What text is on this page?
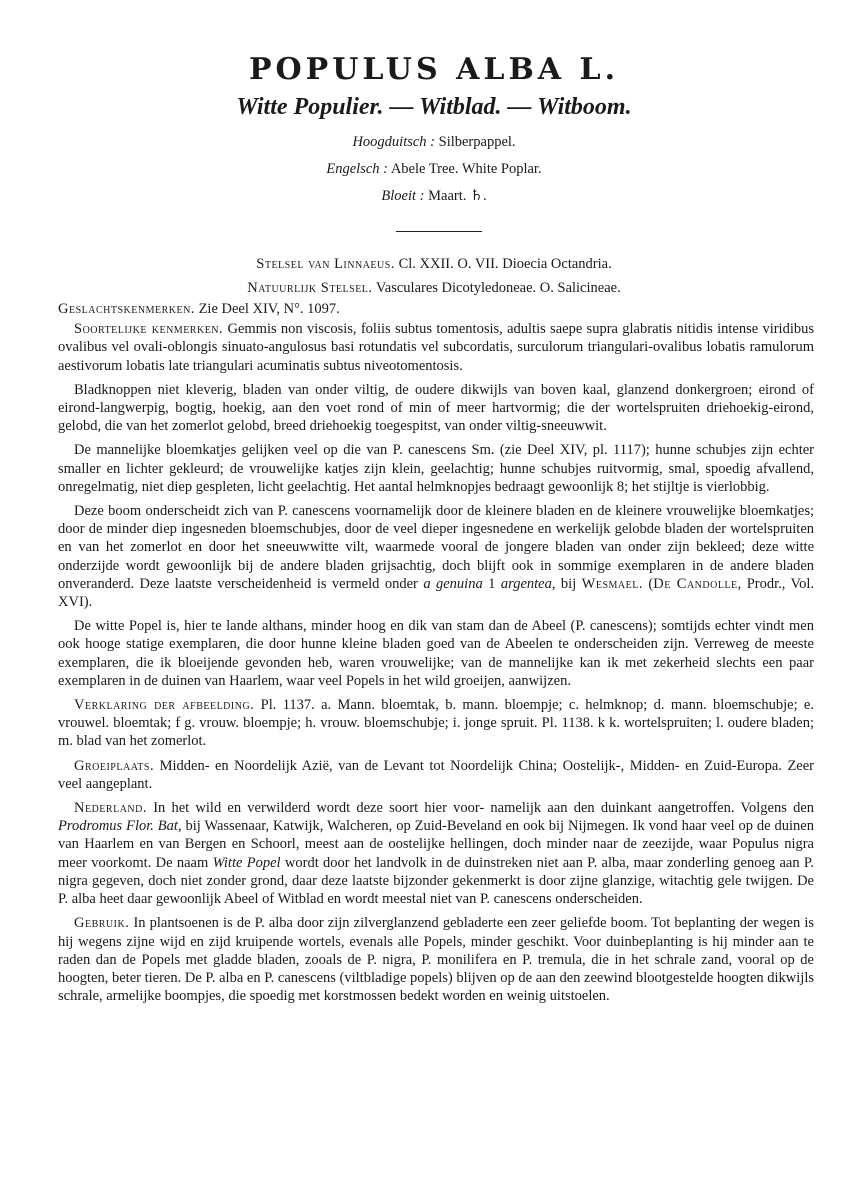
POPULUS ALBA L.
Witte Populier. — Witblad. — Witboom.
Hoogduitsch : Silberpappel.
Engelsch : Abele Tree. White Poplar.
Bloeit : Maart. ♄.
Stelsel van Linnaeus. Cl. XXII. O. VII. Dioecia Octandria.
Natuurlijk Stelsel. Vasculares Dicotyledoneae. O. Salicineae.

Geslachtskenmerken. Zie Deel XIV, N°. 1097.

Soortelijke kenmerken. Gemmis non viscosis, foliis subtus tomentosis, adultis saepe supra glabratis nitidis intense viridibus ovalibus vel ovali-oblongis sinuato-angulosus basi rotundatis vel subcordatis, surculorum triangulari-ovalibus lobatis ramulorum aestivorum lobatis late triangulari acuminatis subtus niveotomentosis.

Bladknoppen niet kleverig, bladen van onder viltig, de oudere dikwijls van boven kaal, glanzend donkergroen; eirond of eirond-langwerpig, bogtig, hoekig, aan den voet rond of min of meer hartvormig; die der wortelspruiten driehoekig-eirond, gelobd, die van het zomerlot gelobd, breed driehoekig toegespitst, van onder viltig-sneeuwwit.

De mannelijke bloemkatjes gelijken veel op die van P. canescens Sm. (zie Deel XIV, pl. 1117); hunne schubjes zijn echter smaller en lichter gekleurd; de vrouwelijke katjes zijn klein, geelachtig; hunne schubjes ruitvormig, smal, spoedig afvallend, onregelmatig, niet diep gespleten, licht geelachtig. Het aantal helmknopjes bedraagt gewoonlijk 8; het stijltje is vierlobbig.

Deze boom onderscheidt zich van P. canescens voornamelijk door de kleinere bladen en de kleinere vrouwelijke bloemkatjes; door de minder diep ingesneden bloemschubjes, door de veel dieper ingesnedene en werkelijk gelobde bladen der wortelspruiten en van het zomerlot en door het sneeuwwitte vilt, waarmede vooral de jongere bladen van onder zijn bekleed; deze witte onderzijde wordt gewoonlijk bij de andere bladen grijsachtig, doch blijft ook in sommige exemplaren in de andere bladen onveranderd. Deze laatste verscheidenheid is vermeld onder a genuina 1 argentea, bij Wesmael. (De Candolle, Prodr., Vol. XVI).

De witte Popel is, hier te lande althans, minder hoog en dik van stam dan de Abeel (P. canescens); somtijds echter vindt men ook hooge statige exemplaren, die door hunne kleine bladen goed van de Abeelen te onderscheiden zijn. Verreweg de meeste exemplaren, die ik bloeijende gevonden heb, waren vrouwelijke; van de mannelijke kan ik met zekerheid slechts een paar exemplaren in de duinen van Haarlem, waar veel Popels in het wild groeijen, aanwijzen.

Verklaring der afbeelding. Pl. 1137. a. Mann. bloemtak, b. mann. bloempje; c. helmknop; d. mann. bloemschubje; e. vrouwel. bloemtak; f g. vrouw. bloempje; h. vrouw. bloemschubje; i. jonge spruit. Pl. 1138. k k. wortelspruiten; l. oudere bladen; m. blad van het zomerlot.

Groeiplaats. Midden- en Noordelijk Azië, van de Levant tot Noordelijk China; Oostelijk-, Midden- en Zuid-Europa. Zeer veel aangeplant.

Nederland. In het wild en verwilderd wordt deze soort hier voor- namelijk aan den duinkant aangetroffen. Volgens den Prodromus Flor. Bat, bij Wassenaar, Katwijk, Walcheren, op Zuid-Beveland en ook bij Nijmegen. Ik vond haar veel op de duinen van Haarlem en van Bergen en Schoorl, meest aan de oostelijke hellingen, doch minder naar de zeezijde, waar Populus nigra meer voorkomt. De naam Witte Popel wordt door het landvolk in de duinstreken niet aan P. alba, maar zonderling genoeg aan P. nigra gegeven, doch niet zonder grond, daar deze laatste bijzonder gekenmerkt is door zijne glanzige, witachtig gele twijgen. De P. alba heet daar gewoonlijk Abeel of Witblad en wordt meestal niet van P. canescens onderscheiden.

Gebruik. In plantsoenen is de P. alba door zijn zilverglanzend gebladerte een zeer geliefde boom. Tot beplanting der wegen is hij wegens zijne wijd en zijd kruipende wortels, evenals alle Popels, minder geschikt. Voor duinbeplanting is hij minder aan te raden dan de Popels met gladde bladen, zooals de P. nigra, P. monilifera en P. tremula, die in het schrale zand, vooral op de hoogten, beter tieren. De P. alba en P. canescens (viltbladige popels) blijven op de aan den zeewind blootgestelde hoogten dikwijls schrale, armelijke boompjes, die spoedig met korstmossen bedekt worden en weinig uitstoelen.
